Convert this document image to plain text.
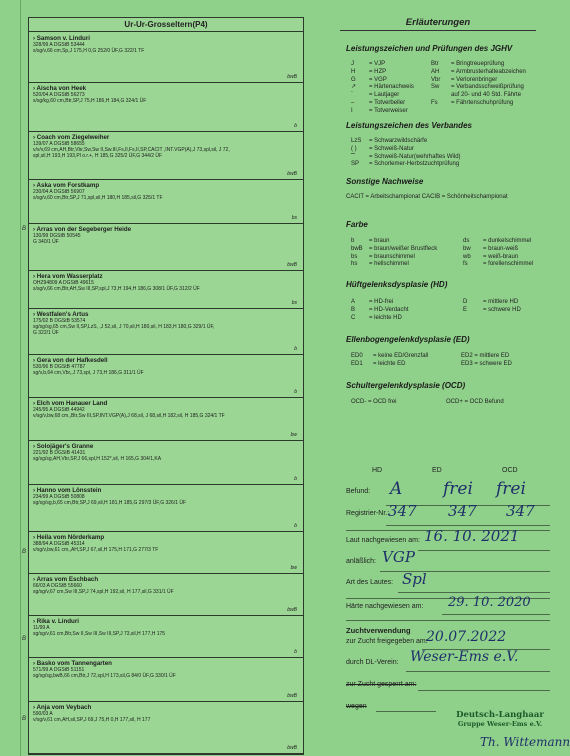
Ur-Ur-Grosseltern(P4)
› Samson v. Linduri
328/99 A DGStB 53444
s/sg/v,66 cm,Sp,J 175,H 0,G 252/0 ÜF,G 322/1 TF
bwB
› Aischa von Heek
520/04 A DGStB 56273
s/sg/kg,60 cm,Btr,SP,J 75,H 186,H 184,G 324/1 ÜF
b
› Coach vom Ziegelweiher
139/07 A DGStB 58655
v/v/v,69 cm,AH,Btr,Vbr,Sw,Sw II,Sw.III,Fs,Il,Fs,II,SP,CACIT ,INT.VGP(A),J 73,spl,sil, J 72,
spl,sil,H 193,H 193,Pl o.r.+, H 185,G 325/2 ÜF,G 344/2 ÜF
bwB
› Aska vom Forstkamp
230/04 A DGStB 56907
s/sg/v,60 cm,Btr,SP,J 71,spl,sil,H 180,H 185,sil,G 325/1 TF
bs
› Arras von der Segeberger Heide
130/99 DGStB 50545
G 340/1 ÜF
bwB
› Hera vom Wasserplatz
OHZ94809 A DGStB 49615
s/sg/v,66 cm,Btr,AH,Sw III,SP,spl,J 73,H 194,H 186,G 308/1 ÜF,G 312/2 ÜF
bs
› Westfalen's Artus
175/02 B DGStB 53574
sg/sg/sg,65 cm,Sw II,SP,LzS, ,J 52,sil, J 70,sil,H 180,sil, H 183,H 180,G 329/1 ÜF,
G 322/1 ÜF
b
› Gera von der Hafkesdell
530/96 B DGStB 47787
sg/v,b,64 cm,Vbr,,J 73,spl, J 73,H 186,G 311/1 ÜF
b
› Elch vom Hanauer Land
245/95 A DGStB 44942
v/sg/v,bw,68 cm,,Btr,Sw III,SP,INT.VGP(A),J 68,sil, J 68,sil,H 182,sil, H 185,G 324/1 TF
bw
› Solojäger's Granne
221/92 B DGStB 41431
sg/sg/sg,AH,Vbr,SP,J 66,spl,H 152*,sil, H 165,G 304/1,KA
b
› Hanno vom Lönsstein
234/99 A DGStB 50808
sg/sg/sg,b,65 cm,Btr,SP,J 69,sil,H 181,H 185,G 297/3 ÜF,G 326/1 ÜF
b
› Heila vom Nörderkamp
388/94 A DGStB 45314
v/sg/v,bw,61 cm,,AH,SP,J 67,sil,H 175,H 171,G 277/3 TF
bw
› Arras vom Eschbach
66/03 A DGStB 55660
sg/sg/v,67 cm,Sw III,SP,J 74,spl,H 192,sil, H 177,sil,G 331/1 ÜF
bwB
› Rika v. Linduri
11/99 A
sg/sg/v,61 cm,Btr,Sw II,Sw III,Sw III,SP,J 73,sil,H 177,H 175
b
› Basko vom Tannengarten
571/99 A DGStB 51151
sg/sg/sg,bwB,66 cm,Btr,J 72,spl,H 173,sil,G 84/0 ÜF,G 330/1 ÜF
bwB
› Anja vom Veybach
590/03 A
v/sg/v,61 cm,AH,sil,SP,J 69,J 75,H 0,H 177,sil, H 177
bwB
B
B
B
B
Erläuterungen
Leistungszeichen und Prüfungen des JGHV
J	= VJP	Btr	= Bringtreueprüfung
H	= HZP	AH	= Armbrusterhalteabzeichen
G	= VGP	Vbr	= Verlorenbringer
↗	= Härtenachweis	Sw	= Verbandsschweißprüfung
`	= Lautjager	auf 20- und 40 Std. Fährte
–	= Totverbeller	Fs	= Fährtenschuhprüfung
I	= Totverweiser
Leistungszeichen des Verbandes
LzS	= Schwarzwildschärfe
( )	= Schweiß-Natur
˜˜	= Schweiß-Natur(wehrhaftes Wild)
SP	= Schorlemer-Herbstzuchtprüfung
Sonstige Nachweise
CACIT = Arbeitschampionat CACIB = Schönheitschampionat
Farbe
b	= braun	ds	= dunkelschimmel
bwB	= braun/weißer Brustfleck	bw	= braun-weiß
bs	= braunschimmel	wb	= weiß-braun
hs	= hellschimmel	fs	= forellenschimmel
Hüftgelenksdysplasie (HD)
A	= HD-frei	D	= mittlere HD
B	= HD-Verdacht	E	= schwere HD
C	= leichte HD
Ellenbogengelenkdysplasie (ED)
ED0	= keine ED/Grenzfall	ED2 = mittlere ED
ED1	= leichte ED	ED3 = schwere ED
Schultergelenkdysplasie (OCD)
OCD- = OCD frei	OCD+ = OCD Befund
HD	ED	OCD
Befund: A frei frei
Registrier-Nr.:
347 347 347
Laut nachgewiesen am: 16. 10. 2021
anläßlich: VGP
Art des Lautes: Spl
Härte nachgewiesen am: 29. 10. 2020
Zuchtverwendung
zur Zucht freigegeben am:
20.07.2022
durch DL-Verein: Weser-Ems e.V.
zur Zucht gesperrt am:
wegen
Deutsch-Langhaar
Gruppe Weser-Ems e.V.
Th. Wittemann
